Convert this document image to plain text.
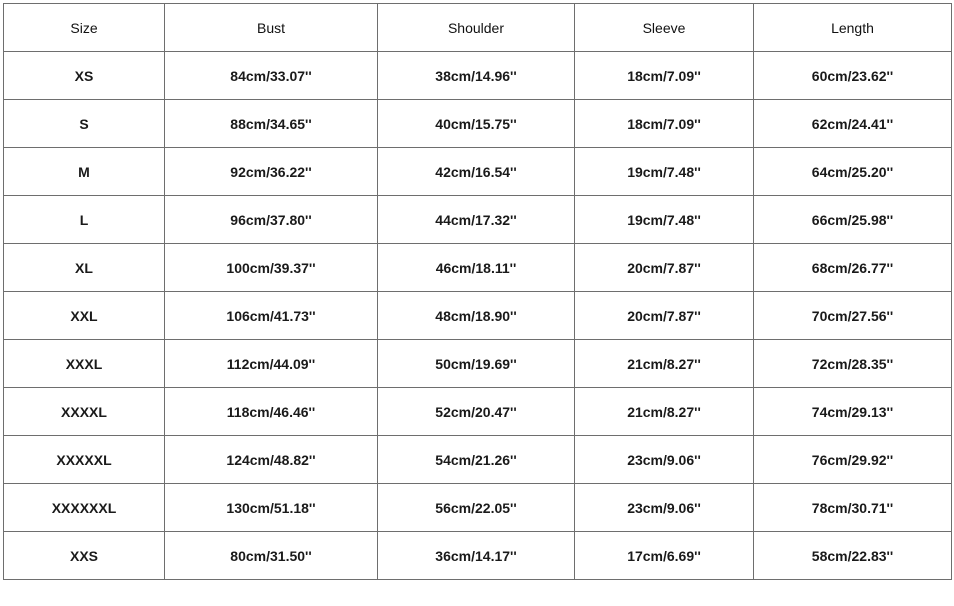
Size	Bust	Shoulder	Sleeve	Length
XS	84cm/33.07''	38cm/14.96''	18cm/7.09''	60cm/23.62''
S	88cm/34.65''	40cm/15.75''	18cm/7.09''	62cm/24.41''
M	92cm/36.22''	42cm/16.54''	19cm/7.48''	64cm/25.20''
L	96cm/37.80''	44cm/17.32''	19cm/7.48''	66cm/25.98''
XL	100cm/39.37''	46cm/18.11''	20cm/7.87''	68cm/26.77''
XXL	106cm/41.73''	48cm/18.90''	20cm/7.87''	70cm/27.56''
XXXL	112cm/44.09''	50cm/19.69''	21cm/8.27''	72cm/28.35''
XXXXL	118cm/46.46''	52cm/20.47''	21cm/8.27''	74cm/29.13''
XXXXXL	124cm/48.82''	54cm/21.26''	23cm/9.06''	76cm/29.92''
XXXXXXL	130cm/51.18''	56cm/22.05''	23cm/9.06''	78cm/30.71''
XXS	80cm/31.50''	36cm/14.17''	17cm/6.69''	58cm/22.83''
